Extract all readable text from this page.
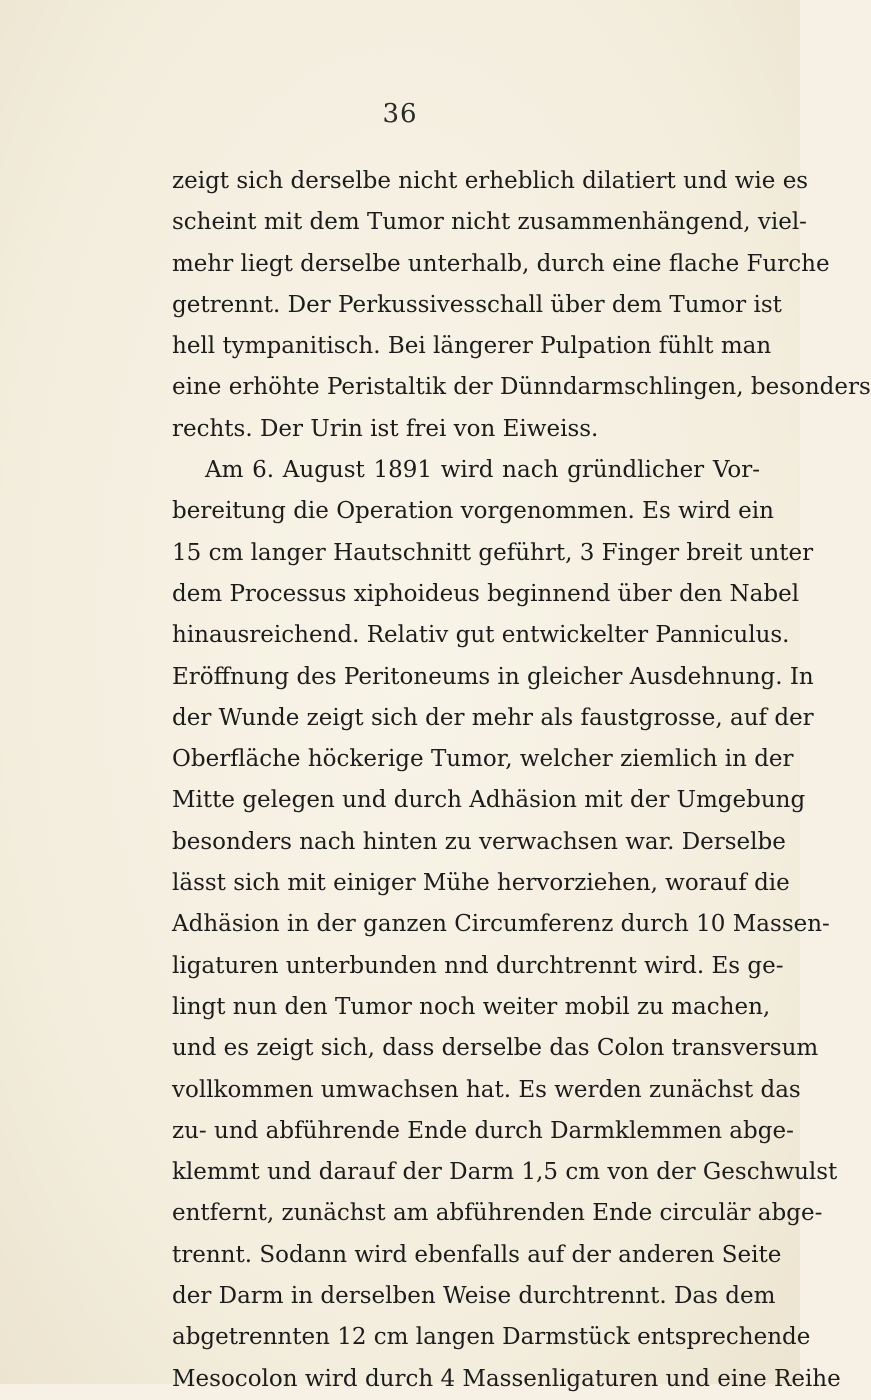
36
zeigt sich derselbe nicht erheblich dilatiert und wie es
scheint mit dem Tumor nicht zusammenhängend, viel-
mehr liegt derselbe unterhalb, durch eine flache Furche
getrennt. Der Perkussivesschall über dem Tumor ist
hell tympanitisch. Bei längerer Pulpation fühlt man
eine erhöhte Peristaltik der Dünndarmschlingen, besonders
rechts. Der Urin ist frei von Eiweiss.
Am 6. August 1891 wird nach gründlicher Vor-
bereitung die Operation vorgenommen. Es wird ein
15 cm langer Hautschnitt geführt, 3 Finger breit unter
dem Processus xiphoideus beginnend über den Nabel
hinausreichend. Relativ gut entwickelter Panniculus.
Eröffnung des Peritoneums in gleicher Ausdehnung. In
der Wunde zeigt sich der mehr als faustgrosse, auf der
Oberfläche höckerige Tumor, welcher ziemlich in der
Mitte gelegen und durch Adhäsion mit der Umgebung
besonders nach hinten zu verwachsen war. Derselbe
lässt sich mit einiger Mühe hervorziehen, worauf die
Adhäsion in der ganzen Circumferenz durch 10 Massen-
ligaturen unterbunden nnd durchtrennt wird. Es ge-
lingt nun den Tumor noch weiter mobil zu machen,
und es zeigt sich, dass derselbe das Colon transversum
vollkommen umwachsen hat. Es werden zunächst das
zu- und abführende Ende durch Darmklemmen abge-
klemmt und darauf der Darm 1,5 cm von der Geschwulst
entfernt, zunächst am abführenden Ende circulär abge-
trennt. Sodann wird ebenfalls auf der anderen Seite
der Darm in derselben Weise durchtrennt. Das dem
abgetrennten 12 cm langen Darmstück entsprechende
Mesocolon wird durch 4 Massenligaturen und eine Reihe
